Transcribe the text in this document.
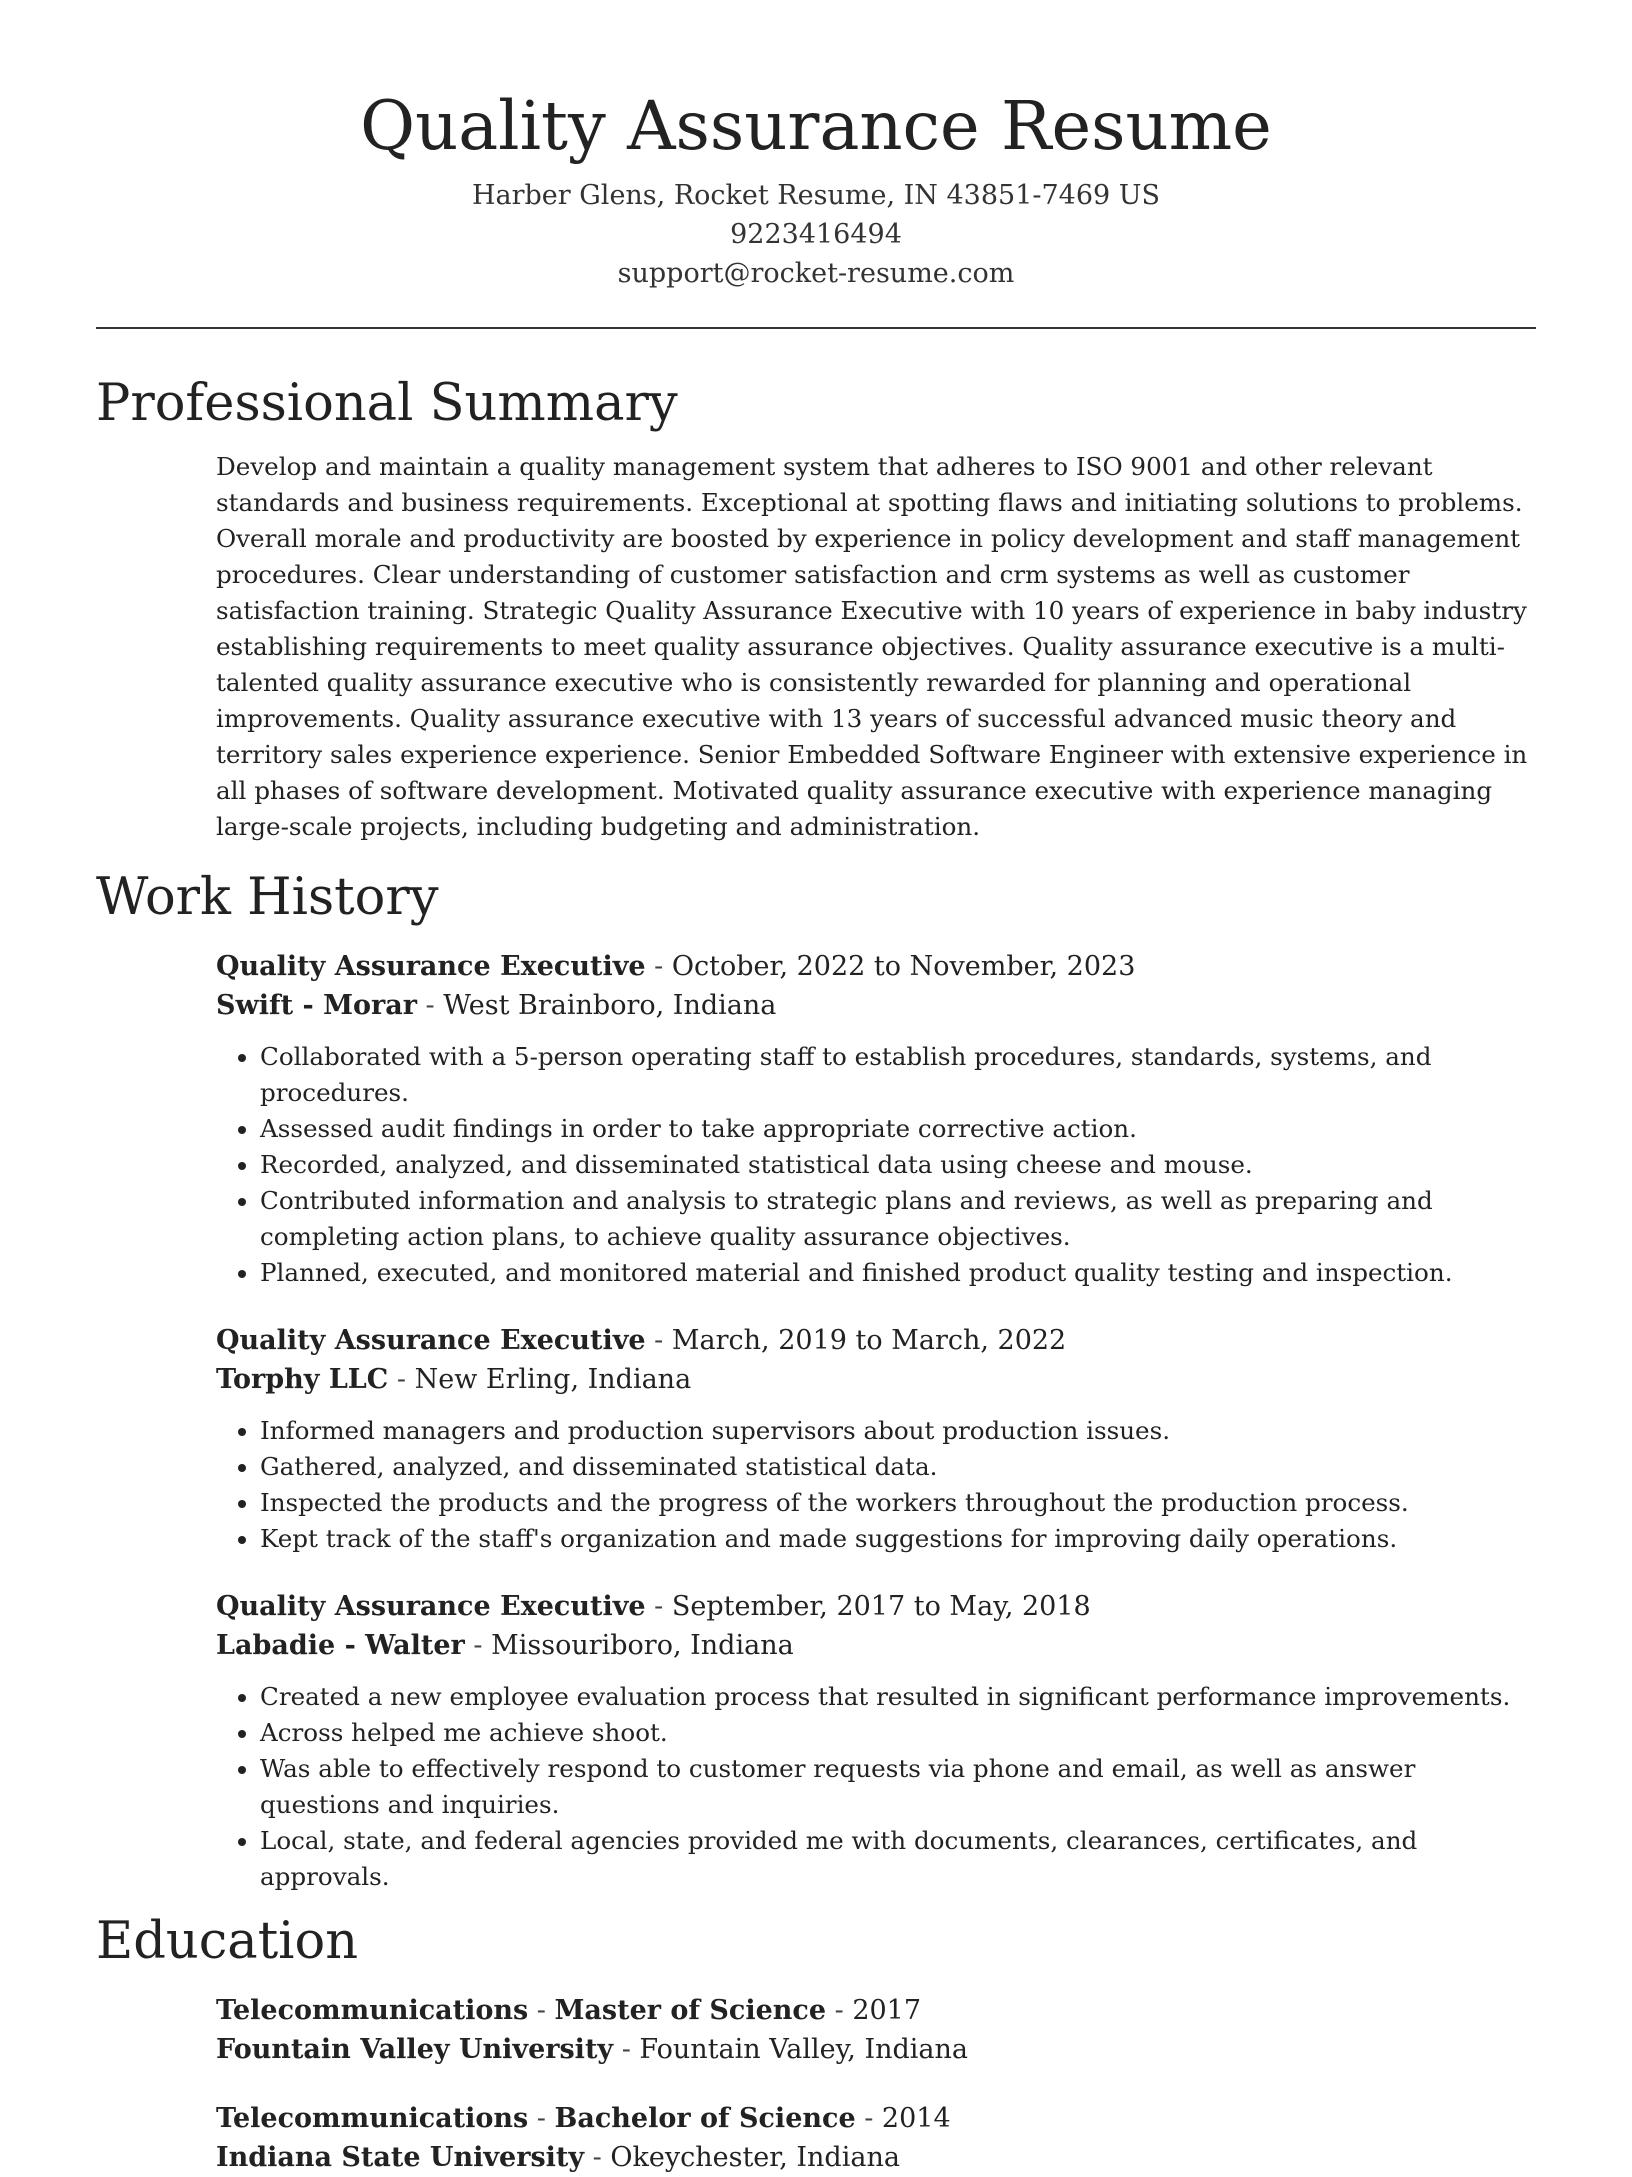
Quality Assurance Resume

Harber Glens, Rocket Resume, IN 43851-7469 US

9223416494

support@rocket-resume.com

Professional Summary

Develop and maintain a quality management system that adheres to ISO 9001 and other relevant standards and business requirements. Exceptional at spotting flaws and initiating solutions to problems. Overall morale and productivity are boosted by experience in policy development and staff management procedures. Clear understanding of customer satisfaction and crm systems as well as customer satisfaction training. Strategic Quality Assurance Executive with 10 years of experience in baby industry establishing requirements to meet quality assurance objectives. Quality assurance executive is a multi-talented quality assurance executive who is consistently rewarded for planning and operational improvements. Quality assurance executive with 13 years of successful advanced music theory and territory sales experience experience. Senior Embedded Software Engineer with extensive experience in all phases of software development. Motivated quality assurance executive with experience managing large-scale projects, including budgeting and administration.

Work History

Quality Assurance Executive - October, 2022 to November, 2023

Swift - Morar - West Brainboro, Indiana

• Collaborated with a 5-person operating staff to establish procedures, standards, systems, and procedures.
• Assessed audit findings in order to take appropriate corrective action.
• Recorded, analyzed, and disseminated statistical data using cheese and mouse.
• Contributed information and analysis to strategic plans and reviews, as well as preparing and completing action plans, to achieve quality assurance objectives.
• Planned, executed, and monitored material and finished product quality testing and inspection.

Quality Assurance Executive - March, 2019 to March, 2022

Torphy LLC - New Erling, Indiana

• Informed managers and production supervisors about production issues.
• Gathered, analyzed, and disseminated statistical data.
• Inspected the products and the progress of the workers throughout the production process.
• Kept track of the staff's organization and made suggestions for improving daily operations.

Quality Assurance Executive - September, 2017 to May, 2018

Labadie - Walter - Missouriboro, Indiana

• Created a new employee evaluation process that resulted in significant performance improvements.
• Across helped me achieve shoot.
• Was able to effectively respond to customer requests via phone and email, as well as answer questions and inquiries.
• Local, state, and federal agencies provided me with documents, clearances, certificates, and approvals.
Education

Telecommunications - Master of Science - 2017

Fountain Valley University - Fountain Valley, Indiana

Telecommunications - Bachelor of Science - 2014

Indiana State University - Okeychester, Indiana
